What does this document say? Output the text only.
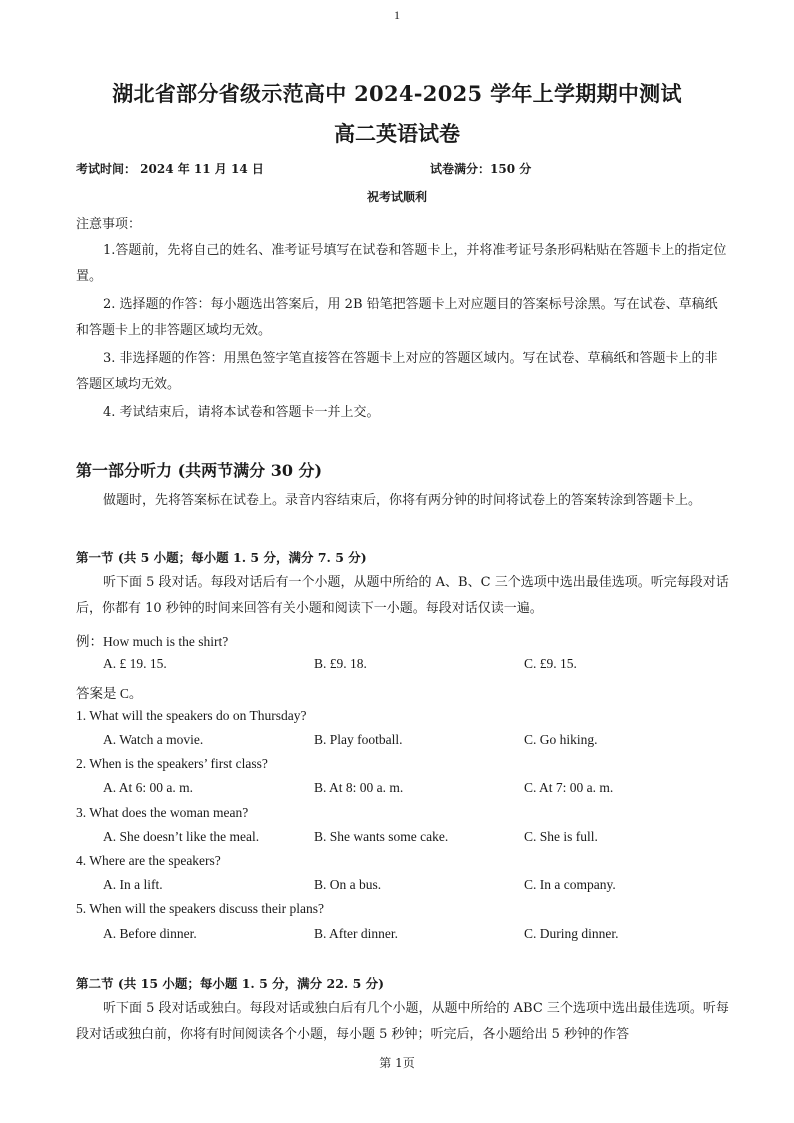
1
湖北省部分省级示范高中 2024-2025 学年上学期期中测试
高二英语试卷
考试时间： 2024 年 11 月 14 日	试卷满分：150 分
祝考试顺利
注意事项：
1.答题前，先将自己的姓名、准考证号填写在试卷和答题卡上，并将准考证号条形码粘贴在答题卡上的指定位置。
2. 选择题的作答：每小题选出答案后，用 2B 铅笔把答题卡上对应题目的答案标号涂黑。写在试卷、草稿纸和答题卡上的非答题区域均无效。
3. 非选择题的作答：用黑色签字笔直接答在答题卡上对应的答题区域内。写在试卷、草稿纸和答题卡上的非答题区域均无效。
4. 考试结束后，请将本试卷和答题卡一并上交。
第一部分听力 (共两节满分 30 分)
做题时，先将答案标在试卷上。录音内容结束后，你将有两分钟的时间将试卷上的答案转涂到答题卡上。
第一节 (共 5 小题；每小题 1. 5 分，满分 7. 5 分)
听下面 5 段对话。每段对话后有一个小题，从题中所给的 A、B、C 三个选项中选出最佳选项。听完每段对话后，你都有 10 秒钟的时间来回答有关小题和阅读下一小题。每段对话仅读一遍。
例：How much is the shirt?
A. £ 19. 15.	B. £9. 18.	C. £9. 15.
答案是 C。
1. What will the speakers do on Thursday?
A. Watch a movie.	B. Play football.	C. Go hiking.
2. When is the speakers’ first class?
A. At 6: 00 a. m.	B. At 8: 00 a. m.	C. At 7: 00 a. m.
3. What does the woman mean?
A. She doesn’t like the meal.	B. She wants some cake.	C. She is full.
4. Where are the speakers?
A. In a lift.	B. On a bus.	C. In a company.
5. When will the speakers discuss their plans?
A. Before dinner.	B. After dinner.	C. During dinner.
第二节 (共 15 小题；每小题 1. 5 分，满分 22. 5 分)
听下面 5 段对话或独白。每段对话或独白后有几个小题，从题中所给的 ABC 三个选项中选出最佳选项。听每段对话或独白前，你将有时间阅读各个小题，每小题 5 秒钟；听完后，各小题给出 5 秒钟的作答
第 1页
